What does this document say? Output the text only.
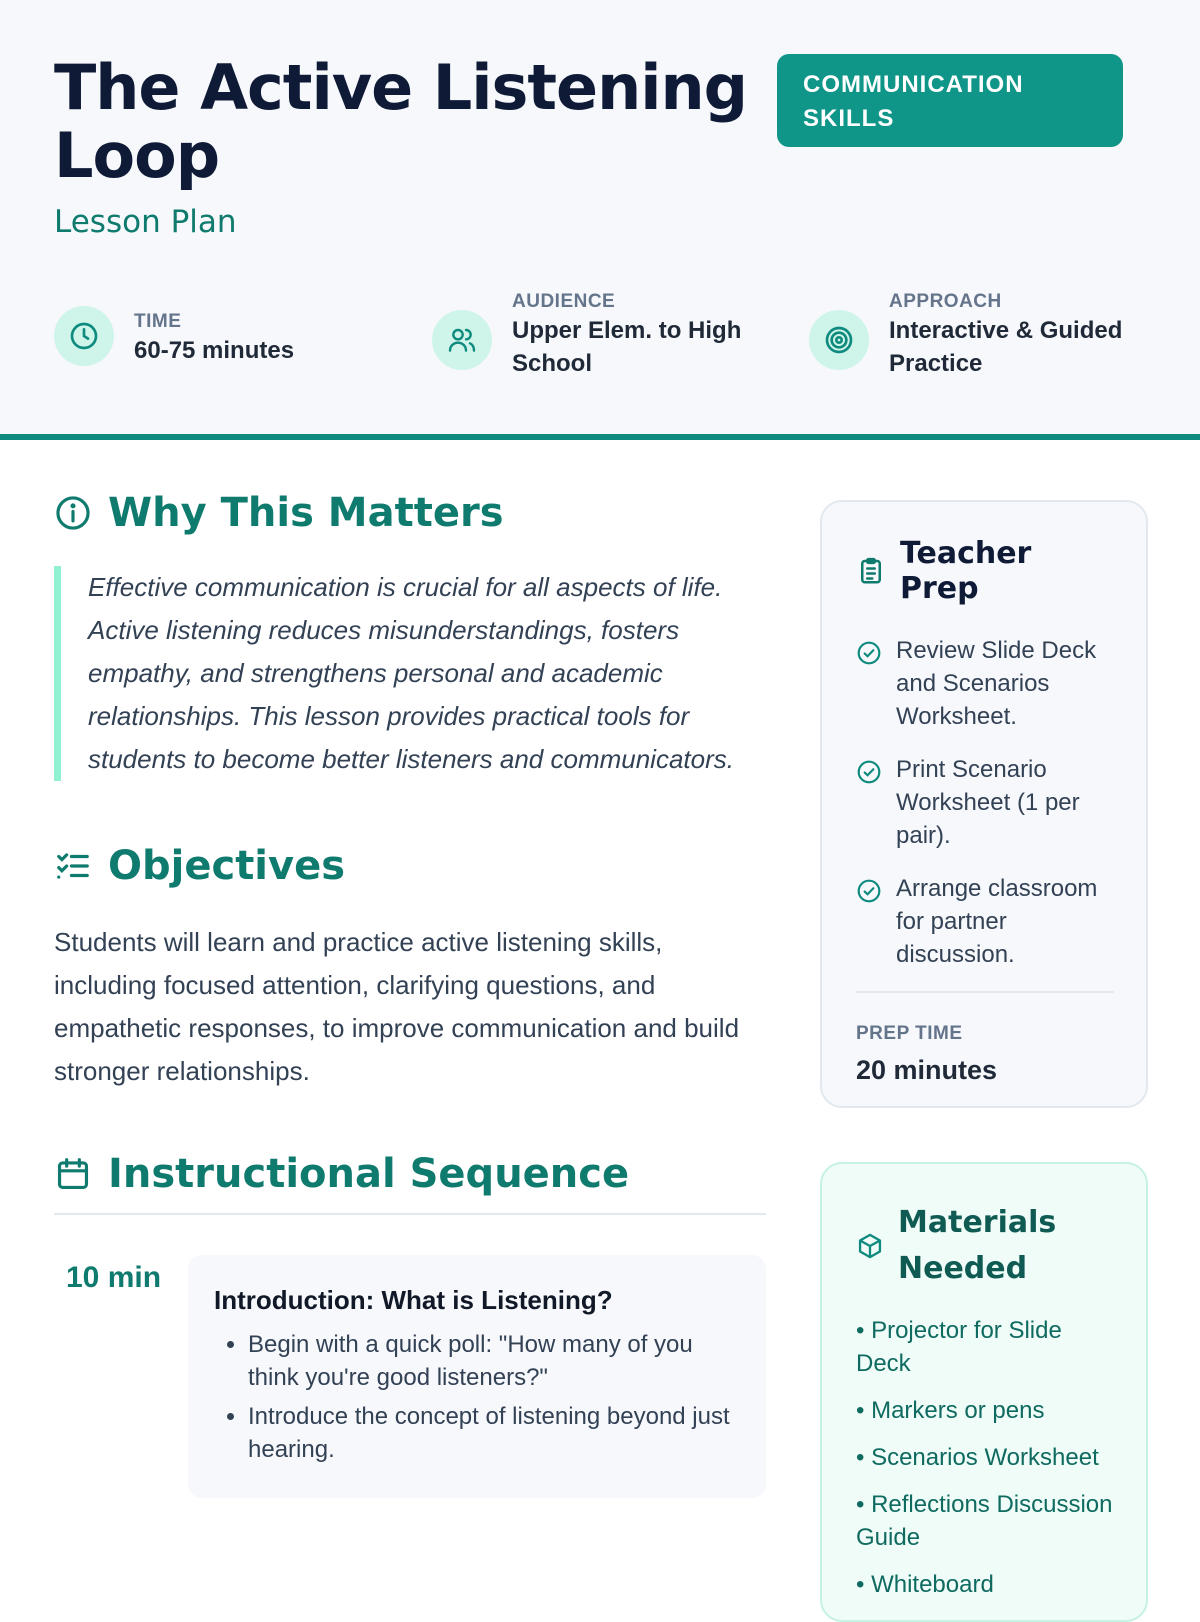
The Active Listening Loop
Lesson Plan
COMMUNICATION SKILLS
TIME
60-75 minutes
AUDIENCE
Upper Elem. to High School
APPROACH
Interactive & Guided Practice
Why This Matters
Effective communication is crucial for all aspects of life. Active listening reduces misunderstandings, fosters empathy, and strengthens personal and academic relationships. This lesson provides practical tools for students to become better listeners and communicators.
Objectives
Students will learn and practice active listening skills, including focused attention, clarifying questions, and empathetic responses, to improve communication and build stronger relationships.
Instructional Sequence
10 min
Introduction: What is Listening?
• Begin with a quick poll: "How many of you think you're good listeners?"
• Introduce the concept of listening beyond just hearing.
Teacher Prep
Review Slide Deck and Scenarios Worksheet.
Print Scenario Worksheet (1 per pair).
Arrange classroom for partner discussion.
PREP TIME
20 minutes
Materials Needed
• Projector for Slide Deck
• Markers or pens
• Scenarios Worksheet
• Reflections Discussion Guide
• Whiteboard
